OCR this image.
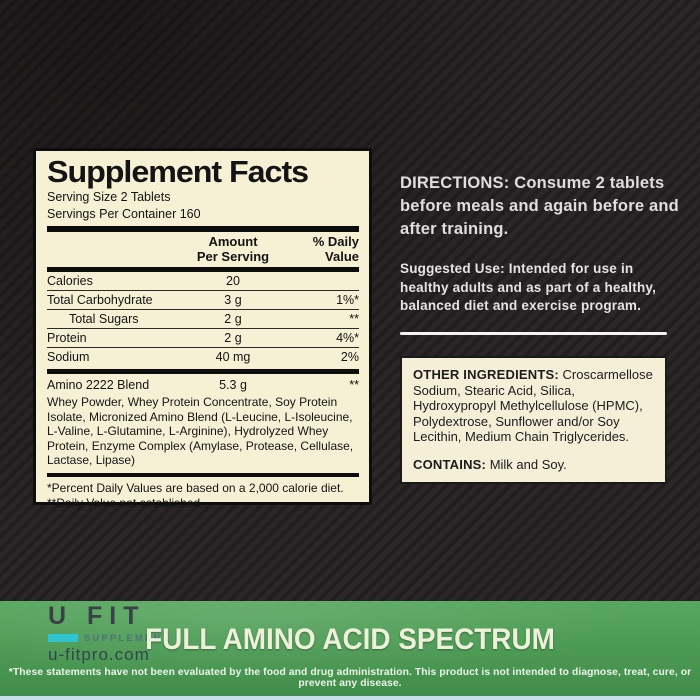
Supplement Facts
Serving Size 2 Tablets
Servings Per Container 160
Amount
Per Serving
% Daily
Value
Calories	20
Total Carbohydrate	3 g	1%*
Total Sugars	2 g	**
Protein	2 g	4%*
Sodium	40 mg	2%
Amino 2222 Blend	5.3 g	**
Whey Powder, Whey Protein Concentrate, Soy Protein Isolate, Micronized Amino Blend (L-Leucine, L-Isoleucine, L-Valine, L-Glutamine, L-Arginine), Hydrolyzed Whey Protein, Enzyme Complex (Amylase, Protease, Cellulase, Lactase, Lipase)
*Percent Daily Values are based on a 2,000 calorie diet.
**Daily Value not established.
DIRECTIONS: Consume 2 tablets before meals and again before and after training.
Suggested Use: Intended for use in healthy adults and as part of a healthy, balanced diet and exercise program.
OTHER INGREDIENTS: Croscarmellose Sodium, Stearic Acid, Silica, Hydroxypropyl Methylcellulose (HPMC), Polydextrose, Sunflower and/or Soy Lecithin, Medium Chain Triglycerides.
CONTAINS: Milk and Soy.
U FIT
SUPPLEMENT
u-fitpro.com
FULL AMINO ACID SPECTRUM
*These statements have not been evaluated by the food and drug administration. This product is not intended to diagnose, treat, cure, or prevent any disease.
